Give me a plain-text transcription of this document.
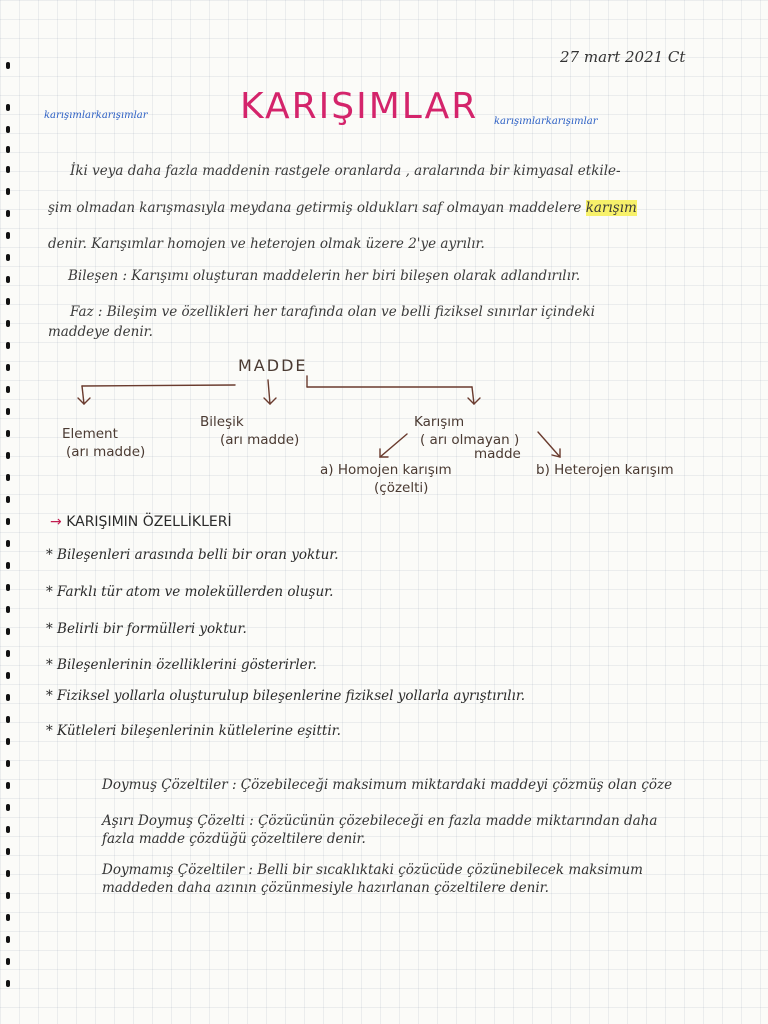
27 mart 2021 Ct
karışımlarkarışımlar	KARIŞIMLAR karışımlarkarışımlar
İki veya daha fazla maddenin rastgele oranlarda , aralarında bir kimyasal etkile-
şim olmadan karışmasıyla meydana getirmiş oldukları saf olmayan maddelere karışım
denir. Karışımlar homojen ve heterojen olmak üzere 2'ye ayrılır.
Bileşen : Karışımı oluşturan maddelerin her biri bileşen olarak adlandırılır.
Faz : Bileşim ve özellikleri her tarafında olan ve belli fiziksel sınırlar içindeki
maddeye denir.
MADDE
Element
(arı madde)
Bileşik
(arı madde)
Karışım
( arı olmayan )
madde
a) Homojen karışım
(çözelti)
b) Heterojen karışım
→ KARIŞIMIN ÖZELLİKLERİ
* Bileşenleri arasında belli bir oran yoktur.
* Farklı tür atom ve moleküllerden oluşur.
* Belirli bir formülleri yoktur.
* Bileşenlerinin özelliklerini gösterirler.
* Fiziksel yollarla oluşturulup bileşenlerine fiziksel yollarla ayrıştırılır.
* Kütleleri bileşenlerinin kütlelerine eşittir.
Doymuş Çözeltiler : Çözebileceği maksimum miktardaki maddeyi çözmüş olan çöze
Aşırı Doymuş Çözelti : Çözücünün çözebileceği en fazla madde miktarından daha
fazla madde çözdüğü çözeltilere denir.
Doymamış Çözeltiler : Belli bir sıcaklıktaki çözücüde çözünebilecek maksimum
maddeden daha azının çözünmesiyle hazırlanan çözeltilere denir.
